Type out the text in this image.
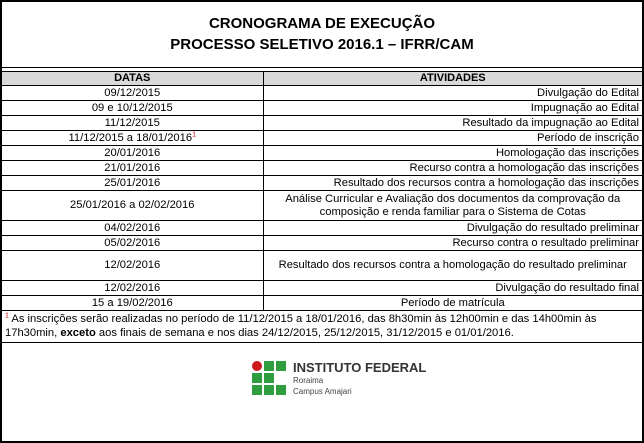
CRONOGRAMA DE EXECUÇÃO
PROCESSO SELETIVO 2016.1 – IFRR/CAM
DATAS	ATIVIDADES
09/12/2015	Divulgação do Edital
09 e 10/12/2015	Impugnação ao Edital
11/12/2015	Resultado da impugnação ao Edital
11/12/2015 a 18/01/2016$^1$	Período de inscrição
20/01/2016	Homologação das inscrições
21/01/2016	Recurso contra a homologação das inscrições
25/01/2016	Resultado dos recursos contra a homologação das inscrições
25/01/2016 a 02/02/2016	Análise Curricular e Avaliação dos documentos da comprovação da composição e renda familiar para o Sistema de Cotas
04/02/2016	Divulgação do resultado preliminar
05/02/2016	Recurso contra o resultado preliminar
12/02/2016	Resultado dos recursos contra a homologação do resultado preliminar
12/02/2016	Divulgação do resultado final
15 a 19/02/2016	Período de matrícula
$^1$ As inscrições serão realizadas no período de 11/12/2015 a 18/01/2016, das 8h30min às 12h00min e das 14h00min às 17h30min, exceto aos finais de semana e nos dias 24/12/2015, 25/12/2015, 31/12/2015 e 01/01/2016.
INSTITUTO FEDERAL
Roraima
Campus Amajari
